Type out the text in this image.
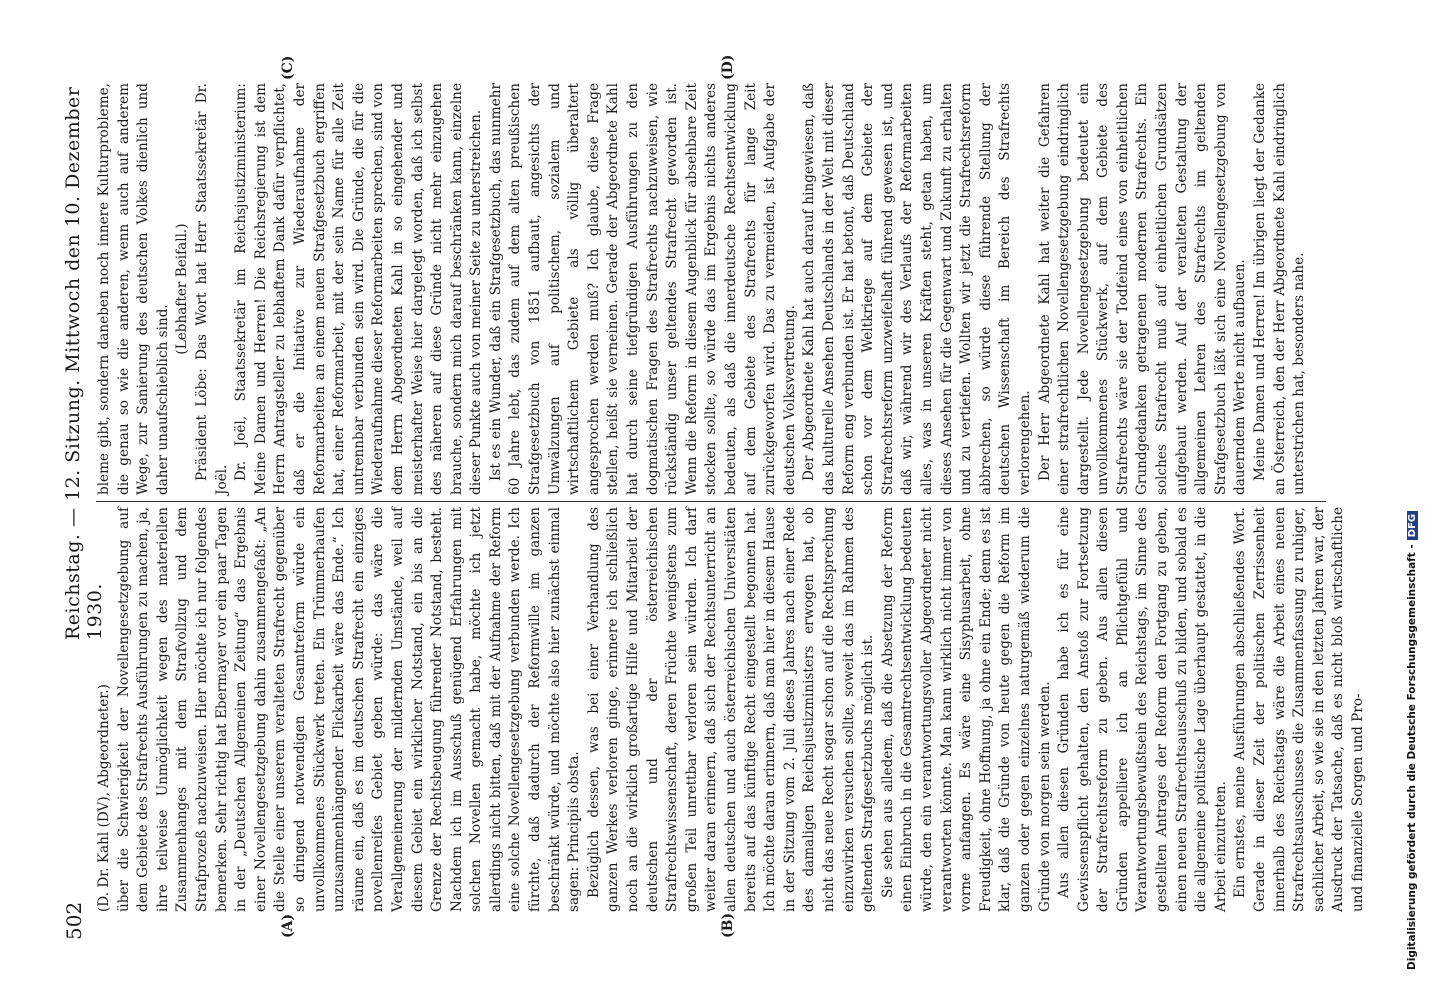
502
Reichstag. — 12. Sitzung. Mittwoch den 10. Dezember 1930.
(A)	(B)
(C)	(D)

(D. Dr. Kahl (DV), Abgeordneter.) über die Schwierigkeit der Novellengesetzgebung auf dem Gebiete des Strafrechts Ausführungen zu machen, ja, ihre teilweise Unmöglichkeit wegen des materiellen Zusammenhanges mit dem Strafvollzug und dem Strafprozeß nachzuweisen. Hier möchte ich nur folgendes bemerken. Sehr richtig hat Ebermayer vor ein paar Tagen in der „Deutschen Allgemeinen Zeitung“ das Ergebnis einer Novellengesetzgebung dahin zusammengefaßt: „An die Stelle einer unserem veralteten Strafrecht gegenüber so dringend notwendigen Gesamtreform würde ein unvollkommenes Stückwerk treten. Ein Trümmerhaufen unzusammenhängender Flickarbeit wäre das Ende.“ Ich räume ein, daß es im deutschen Strafrecht ein einziges novellenreifes Gebiet geben würde: das wäre die Verallgemeinerung der mildernden Umstände, weil auf diesem Gebiet ein wirklicher Notstand, ein bis an die Grenze der Rechtsbeugung führender Notstand, besteht. Nachdem ich im Ausschuß genügend Erfahrungen mit solchen Novellen gemacht habe, möchte ich jetzt allerdings nicht bitten, daß mit der Aufnahme der Reform eine solche Novellengesetzgebung verbunden werde. Ich fürchte, daß dadurch der Reformwille im ganzen beschränkt würde, und möchte also hier zunächst einmal sagen: Principiis obsta. Bezüglich dessen, was bei einer Verhandlung des ganzen Werkes verloren ginge, erinnere ich schließlich noch an die wirklich großartige Hilfe und Mitarbeit der deutschen und der österreichischen Strafrechtswissenschaft, deren Früchte wenigstens zum großen Teil unrettbar verloren sein würden. Ich darf weiter daran erinnern, daß sich der Rechtsunterricht an allen deutschen und auch österreichischen Universitäten bereits auf das künftige Recht eingestellt begonnen hat. Ich möchte daran erinnern, daß man hier in diesem Hause in der Sitzung vom 2. Juli dieses Jahres nach einer Rede des damaligen Reichsjustizministers erwogen hat, ob nicht das neue Recht sogar schon auf die Rechtsprechung einzuwirken versuchen sollte, soweit das im Rahmen des geltenden Strafgesetzbuchs möglich ist. Sie sehen aus alledem, daß die Absetzung der Reform einen Einbruch in die Gesamtrechtsentwicklung bedeuten würde, den ein verantwortungsvoller Abgeordneter nicht verantworten könnte. Man kann wirklich nicht immer von vorne anfangen. Es wäre eine Sisyphusarbeit, ohne Freudigkeit, ohne Hoffnung, ja ohne ein Ende; denn es ist klar, daß die Gründe von heute gegen die Reform im ganzen oder gegen einzelnes naturgemäß wiederum die Gründe von morgen sein werden. Aus allen diesen Gründen habe ich es für eine Gewissenspflicht gehalten, den Anstoß zur Fortsetzung der Strafrechtsreform zu geben. Aus allen diesen Gründen appelliere ich an Pflichtgefühl und Verantwortungsbewußtsein des Reichstags, im Sinne des gestellten Antrages der Reform den Fortgang zu geben, einen neuen Strafrechtsausschuß zu bilden, und sobald es die allgemeine politische Lage überhaupt gestattet, in die Arbeit einzutreten. Ein ernstes, meine Ausführungen abschließendes Wort. Gerade in dieser Zeit der politischen Zerrissenheit innerhalb des Reichstags wäre die Arbeit eines neuen Strafrechtsausschusses die Zusammenfassung zu ruhiger, sachlicher Arbeit, so wie sie in den letzten Jahren war, der Ausdruck der Tatsache, daß es nicht bloß wirtschaftliche und finanzielle Sorgen und Pro-

bleme gibt, sondern daneben noch innere Kulturprobleme, die genau so wie die anderen, wenn auch auf anderem Wege, zur Sanierung des deutschen Volkes dienlich und daher unaufschieblich sind.

(Lebhafter Beifall.) Präsident Löbe: Das Wort hat Herr Staatssekretär Dr. Joël. Dr. Joël, Staatssekretär im Reichsjustizministerium: Meine Damen und Herren! Die Reichsregierung ist dem Herrn Antragsteller zu lebhaftem Dank dafür verpflichtet, daß er die Initiative zur Wiederaufnahme der Reformarbeiten an einem neuen Strafgesetzbuch ergriffen hat, einer Reformarbeit, mit der sein Name für alle Zeit untrennbar verbunden sein wird. Die Gründe, die für die Wiederaufnahme dieser Reformarbeiten sprechen, sind von dem Herrn Abgeordneten Kahl in so eingehender und meisterhafter Weise hier dargelegt worden, daß ich selbst des näheren auf diese Gründe nicht mehr einzugehen brauche, sondern mich darauf beschränken kann, einzelne dieser Punkte auch von meiner Seite zu unterstreichen. Ist es ein Wunder, daß ein Strafgesetzbuch, das nunmehr 60 Jahre lebt, das zudem auf dem alten preußischen Strafgesetzbuch von 1851 aufbaut, angesichts der Umwälzungen auf politischem, sozialem und wirtschaftlichem Gebiete als völlig überaltert angesprochen werden muß? Ich glaube, diese Frage stellen, heißt sie verneinen. Gerade der Abgeordnete Kahl hat durch seine tiefgründigen Ausführungen zu den dogmatischen Fragen des Strafrechts nachzuweisen, wie rückständig unser geltendes Strafrecht geworden ist. Wenn die Reform in diesem Augenblick für absehbare Zeit stocken sollte, so würde das im Ergebnis nichts anderes bedeuten, als daß die innerdeutsche Rechtsentwicklung auf dem Gebiete des Strafrechts für lange Zeit zurückgeworfen wird. Das zu vermeiden, ist Aufgabe der deutschen Volksvertretung. Der Abgeordnete Kahl hat auch darauf hingewiesen, daß das kulturelle Ansehen Deutschlands in der Welt mit dieser Reform eng verbunden ist. Er hat betont, daß Deutschland schon vor dem Weltkriege auf dem Gebiete der Strafrechtsreform unzweifelhaft führend gewesen ist, und daß wir, während wir des Verlaufs der Reformarbeiten alles, was in unseren Kräften steht, getan haben, um dieses Ansehen für die Gegenwart und Zukunft zu erhalten und zu vertiefen. Wollten wir jetzt die Strafrechtsreform abbrechen, so würde diese führende Stellung der deutschen Wissenschaft im Bereich des Strafrechts verlorengehen. Der Herr Abgeordnete Kahl hat weiter die Gefahren einer strafrechtlichen Novellengesetzgebung eindringlich dargestellt. Jede Novellengesetzgebung bedeutet ein unvollkommenes Stückwerk, auf dem Gebiete des Strafrechts wäre sie der Todfeind eines von einheitlichen Grundgedanken getragenen modernen Strafrechts. Ein solches Strafrecht muß auf einheitlichen Grundsätzen aufgebaut werden. Auf der veralteten Gestaltung der allgemeinen Lehren des Strafrechts im geltenden Strafgesetzbuch läßt sich eine Novellengesetzgebung von dauerndem Werte nicht aufbauen. Meine Damen und Herren! Im übrigen liegt der Gedanke an Österreich, den der Herr Abgeordnete Kahl eindringlich unterstrichen hat, besonders nahe.

Digitalisierung gefördert durch die Deutsche Forschungsgemeinschaft -DFG
